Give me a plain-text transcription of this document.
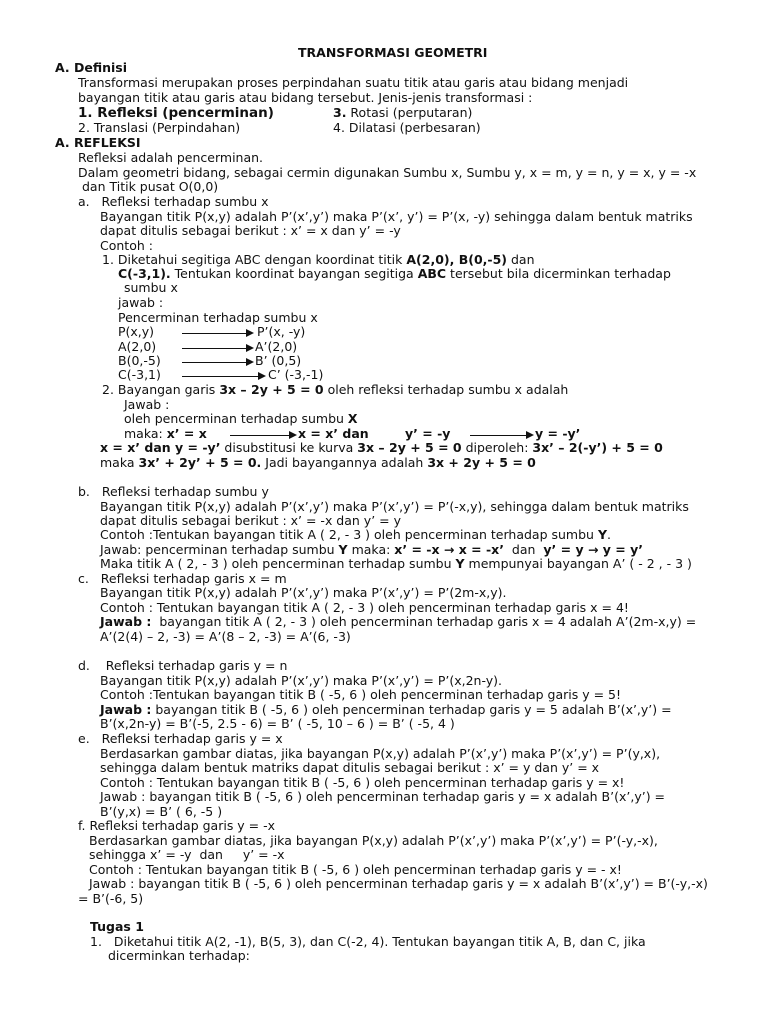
TRANSFORMASI GEOMETRI
A. Definisi
Transformasi merupakan proses perpindahan suatu titik atau garis atau bidang menjadi
bayangan titik atau garis atau bidang tersebut. Jenis-jenis transformasi :
1. Refleksi (pencerminan)
2. Translasi (Perpindahan)
3. Rotasi (perputaran)
4. Dilatasi (perbesaran)
A. REFLEKSI
Refleksi adalah pencerminan.
Dalam geometri bidang, sebagai cermin digunakan Sumbu x, Sumbu y, x = m, y = n, y = x, y = -x
dan Titik pusat O(0,0)
a.   Refleksi terhadap sumbu x
Bayangan titik P(x,y) adalah P’(x’,y’) maka P’(x’, y’) = P’(x, -y) sehingga dalam bentuk matriks
dapat ditulis sebagai berikut : x’ = x dan y’ = -y
Contoh :
1. Diketahui segitiga ABC dengan koordinat titik A(2,0), B(0,-5) dan
C(-3,1). Tentukan koordinat bayangan segitiga ABC tersebut bila dicerminkan terhadap
sumbu x
jawab :
Pencerminan terhadap sumbu x
P(x,y)	P’(x, -y)
A(2,0)	A’(2,0)
B(0,-5)	B’ (0,5)
C(-3,1)	C’ (-3,-1)
2. Bayangan garis 3x – 2y + 5 = 0 oleh refleksi terhadap sumbu x adalah
Jawab :
oleh pencerminan terhadap sumbu X
maka: x’ = x	x = x’ dan	y’ = -y	y = -y’
x = x’ dan y = -y’ disubstitusi ke kurva 3x – 2y + 5 = 0 diperoleh: 3x’ – 2(-y’) + 5 = 0
maka 3x’ + 2y’ + 5 = 0. Jadi bayangannya adalah 3x + 2y + 5 = 0
b.   Refleksi terhadap sumbu y
Bayangan titik P(x,y) adalah P’(x’,y’) maka P’(x’,y’) = P’(-x,y), sehingga dalam bentuk matriks
dapat ditulis sebagai berikut : x’ = -x dan y’ = y
Contoh :Tentukan bayangan titik A ( 2, - 3 ) oleh pencerminan terhadap sumbu Y.
Jawab: pencerminan terhadap sumbu Y maka: x’ = -x → x = -x’  dan  y’ = y → y = y’
Maka titik A ( 2, - 3 ) oleh pencerminan terhadap sumbu Y mempunyai bayangan A’ ( - 2 , - 3 )
c.   Refleksi terhadap garis x = m
Bayangan titik P(x,y) adalah P’(x’,y’) maka P’(x’,y’) = P’(2m-x,y).
Contoh : Tentukan bayangan titik A ( 2, - 3 ) oleh pencerminan terhadap garis x = 4!
Jawab :  bayangan titik A ( 2, - 3 ) oleh pencerminan terhadap garis x = 4 adalah A’(2m-x,y) =
A’(2(4) – 2, -3) = A’(8 – 2, -3) = A’(6, -3)
d.    Refleksi terhadap garis y = n
Bayangan titik P(x,y) adalah P’(x’,y’) maka P’(x’,y’) = P’(x,2n-y).
Contoh :Tentukan bayangan titik B ( -5, 6 ) oleh pencerminan terhadap garis y = 5!
Jawab : bayangan titik B ( -5, 6 ) oleh pencerminan terhadap garis y = 5 adalah B’(x’,y’) =
B’(x,2n-y) = B’(-5, 2.5 - 6) = B’ ( -5, 10 – 6 ) = B’ ( -5, 4 )
e.   Refleksi terhadap garis y = x
Berdasarkan gambar diatas, jika bayangan P(x,y) adalah P’(x’,y’) maka P’(x’,y’) = P’(y,x),
sehingga dalam bentuk matriks dapat ditulis sebagai berikut : x’ = y dan y’ = x
Contoh : Tentukan bayangan titik B ( -5, 6 ) oleh pencerminan terhadap garis y = x!
Jawab : bayangan titik B ( -5, 6 ) oleh pencerminan terhadap garis y = x adalah B’(x’,y’) =
B’(y,x) = B’ ( 6, -5 )
f. Refleksi terhadap garis y = -x
Berdasarkan gambar diatas, jika bayangan P(x,y) adalah P’(x’,y’) maka P’(x’,y’) = P’(-y,-x),
sehingga x’ = -y  dan     y’ = -x
Contoh : Tentukan bayangan titik B ( -5, 6 ) oleh pencerminan terhadap garis y = - x!
Jawab : bayangan titik B ( -5, 6 ) oleh pencerminan terhadap garis y = x adalah B’(x’,y’) = B’(-y,-x)
= B’(-6, 5)
Tugas 1
1.   Diketahui titik A(2, -1), B(5, 3), dan C(-2, 4). Tentukan bayangan titik A, B, dan C, jika
dicerminkan terhadap:
